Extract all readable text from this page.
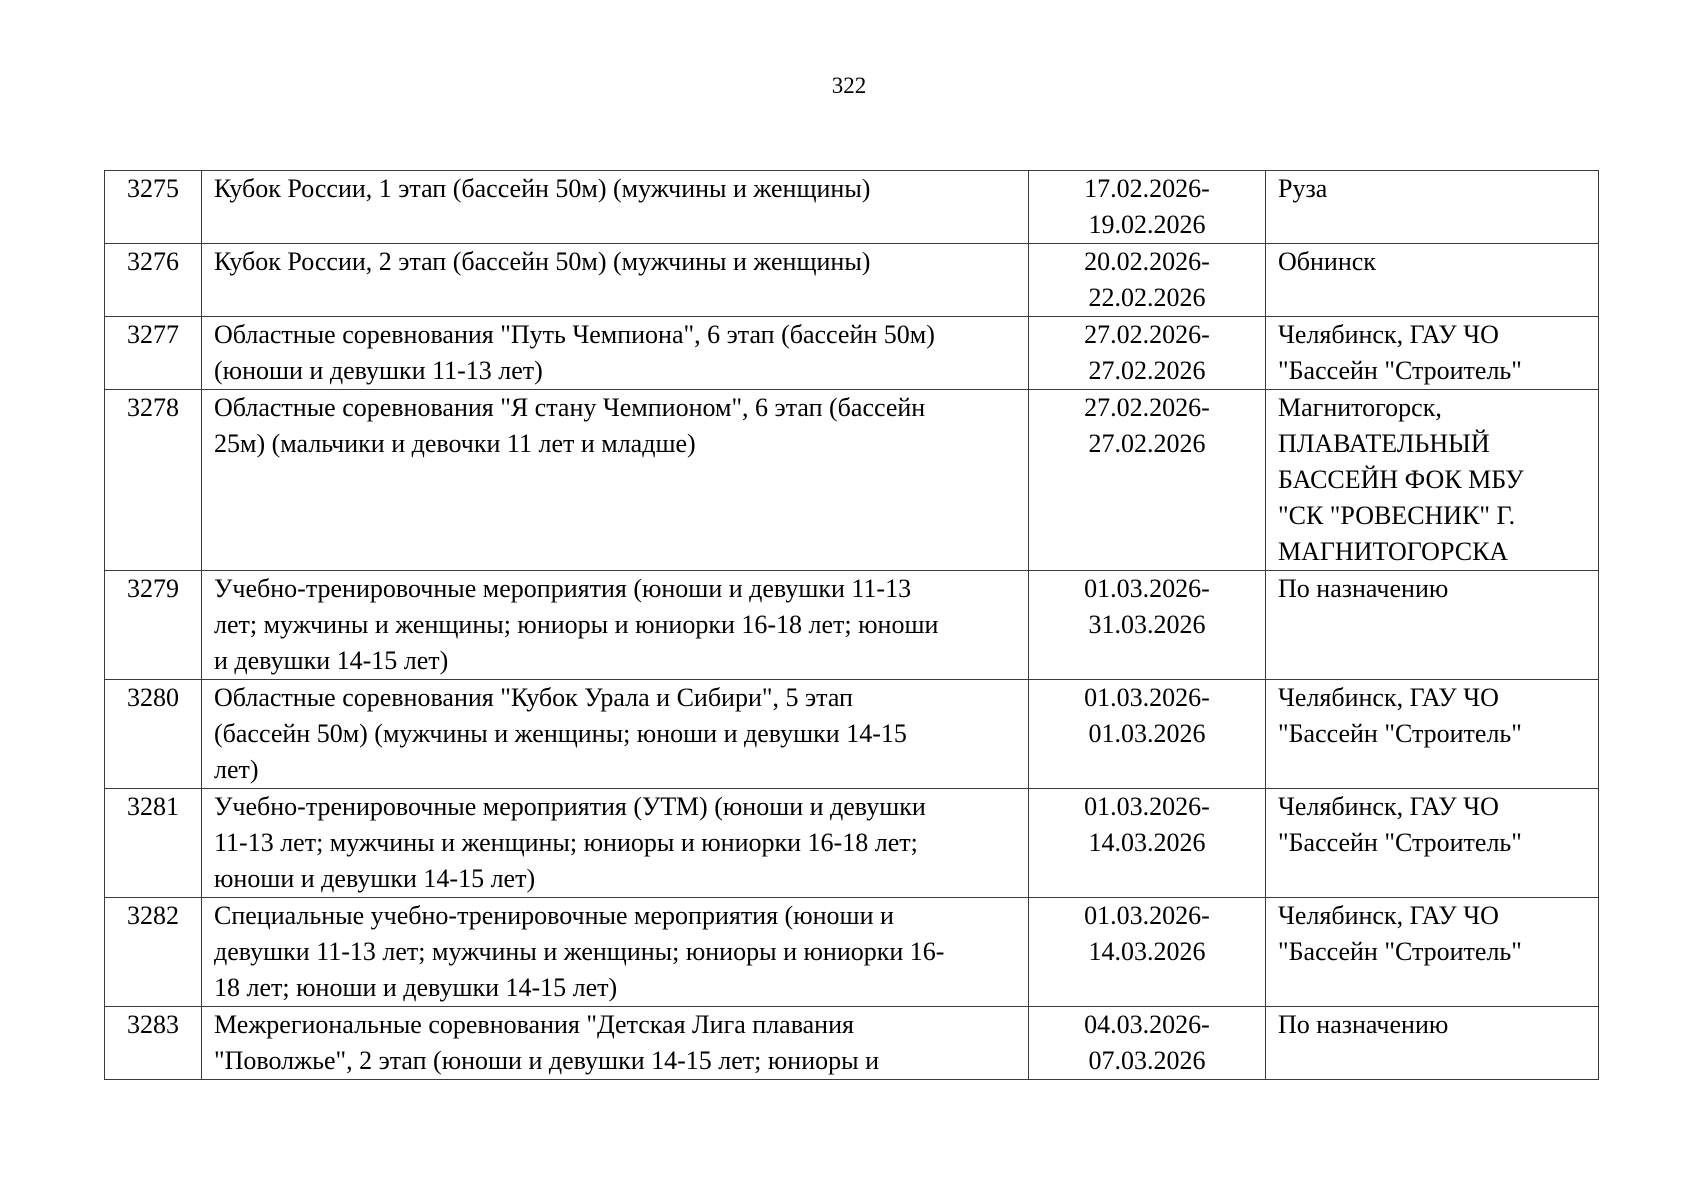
322
3275	Кубок России, 1 этап (бассейн 50м) (мужчины и женщины)	17.02.2026-
19.02.2026	Руза

3276	Кубок России, 2 этап (бассейн 50м) (мужчины и женщины)	20.02.2026-
22.02.2026	Обнинск

3277	Областные соревнования "Путь Чемпиона", 6 этап (бассейн 50м)
(юноши и девушки 11-13 лет)	27.02.2026-
27.02.2026	Челябинск, ГАУ ЧО
"Бассейн "Строитель"

3278	Областные соревнования "Я стану Чемпионом", 6 этап (бассейн
25м) (мальчики и девочки 11 лет и младше)	27.02.2026-
27.02.2026	Магнитогорск,
ПЛАВАТЕЛЬНЫЙ
БАССЕЙН ФОК МБУ
"СК "РОВЕСНИК" Г.
МАГНИТОГОРСКА

3279	Учебно-тренировочные мероприятия (юноши и девушки 11-13
лет; мужчины и женщины; юниоры и юниорки 16-18 лет; юноши
и девушки 14-15 лет)	01.03.2026-
31.03.2026	По назначению

3280	Областные соревнования "Кубок Урала и Сибири", 5 этап
(бассейн 50м) (мужчины и женщины; юноши и девушки 14-15
лет)	01.03.2026-
01.03.2026	Челябинск, ГАУ ЧО
"Бассейн "Строитель"

3281	Учебно-тренировочные мероприятия (УТМ) (юноши и девушки
11-13 лет; мужчины и женщины; юниоры и юниорки 16-18 лет;
юноши и девушки 14-15 лет)	01.03.2026-
14.03.2026	Челябинск, ГАУ ЧО
"Бассейн "Строитель"

3282	Специальные учебно-тренировочные мероприятия (юноши и
девушки 11-13 лет; мужчины и женщины; юниоры и юниорки 16-
18 лет; юноши и девушки 14-15 лет)	01.03.2026-
14.03.2026	Челябинск, ГАУ ЧО
"Бассейн "Строитель"

3283	Межрегиональные соревнования "Детская Лига плавания
"Поволжье", 2 этап (юноши и девушки 14-15 лет; юниоры и	04.03.2026-
07.03.2026	По назначению
